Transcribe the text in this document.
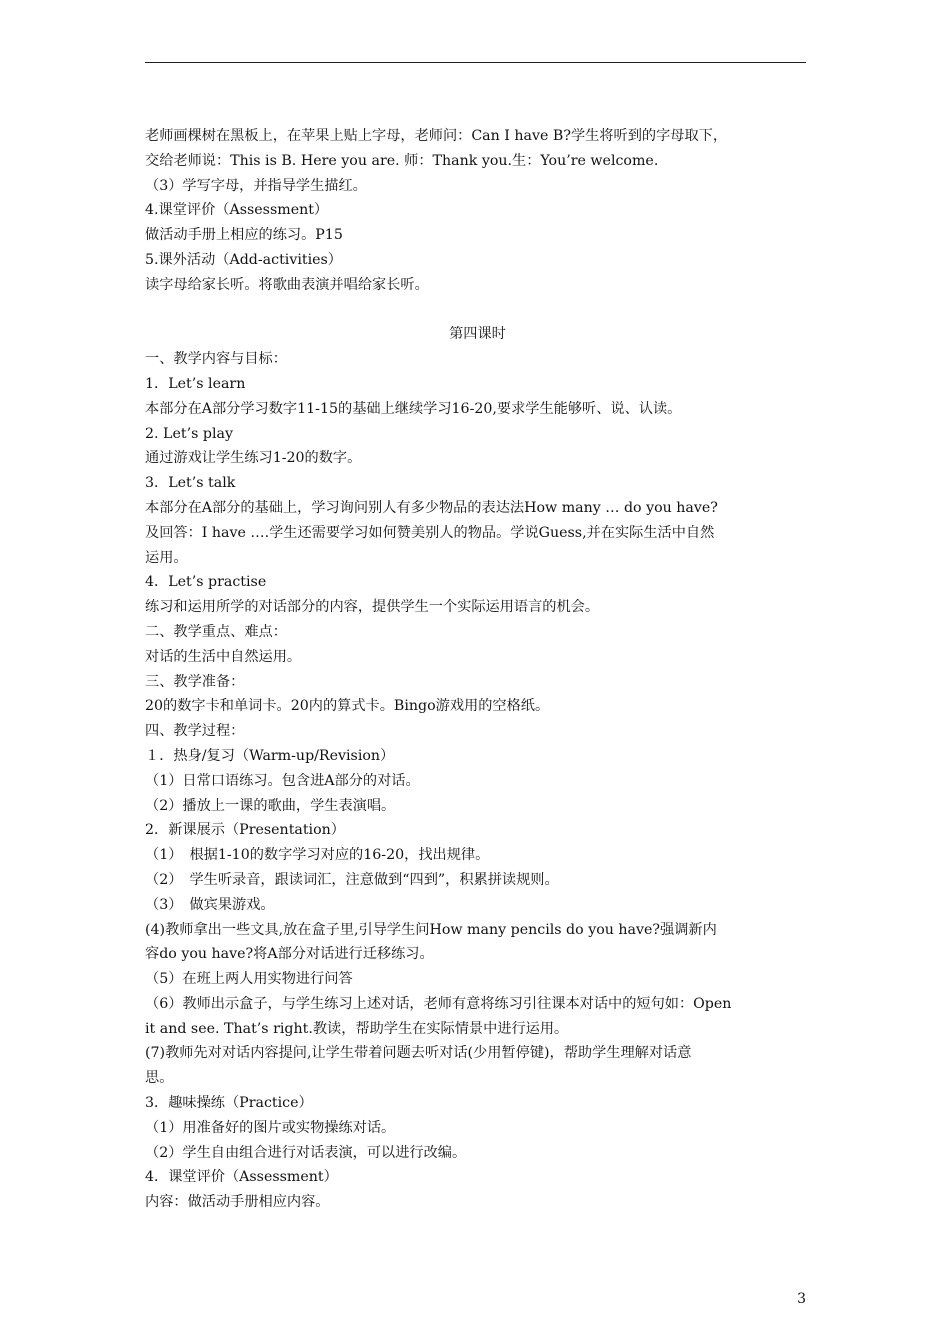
老师画棵树在黑板上，在苹果上贴上字母，老师问：Can I have B?学生将听到的字母取下，

交给老师说：This is B. Here you are. 师：Thank you.生：You’re welcome.

（3）学写字母，并指导学生描红。

4.课堂评价（Assessment）

做活动手册上相应的练习。P15

5.课外活动（Add-activities）

读字母给家长听。将歌曲表演并唱给家长听。

第四课时

一、教学内容与目标：

1．Let’s learn

本部分在A部分学习数字11-15的基础上继续学习16-20,要求学生能够听、说、认读。

2. Let’s play

通过游戏让学生练习1-20的数字。

3．Let’s talk

本部分在A部分的基础上，学习询问别人有多少物品的表达法How many … do you have?

及回答：I have ….学生还需要学习如何赞美别人的物品。学说Guess,并在实际生活中自然

运用。

4．Let’s practise

练习和运用所学的对话部分的内容，提供学生一个实际运用语言的机会。

二、教学重点、难点：

对话的生活中自然运用。

三、教学准备：

20的数字卡和单词卡。20内的算式卡。Bingo游戏用的空格纸。

四、教学过程：

１．热身/复习（Warm-up/Revision）

（1）日常口语练习。包含进A部分的对话。

（2）播放上一课的歌曲，学生表演唱。

2．新课展示（Presentation）

（1）　根据1-10的数字学习对应的16-20，找出规律。

（2）　学生听录音，跟读词汇，注意做到“四到”，积累拼读规则。

（3）　做宾果游戏。

(4)教师拿出一些文具,放在盒子里,引导学生问How many pencils do you have?强调新内

容do you have?将A部分对话进行迁移练习。

（5）在班上两人用实物进行问答

（6）教师出示盒子，与学生练习上述对话，老师有意将练习引往课本对话中的短句如：Open

it and see. That’s right.教读，帮助学生在实际情景中进行运用。

(7)教师先对对话内容提问,让学生带着问题去听对话(少用暂停键)，帮助学生理解对话意

思。

3．趣味操练（Practice）

（1）用准备好的图片或实物操练对话。

（2）学生自由组合进行对话表演，可以进行改编。

4．课堂评价（Assessment）

内容：做活动手册相应内容。

3
